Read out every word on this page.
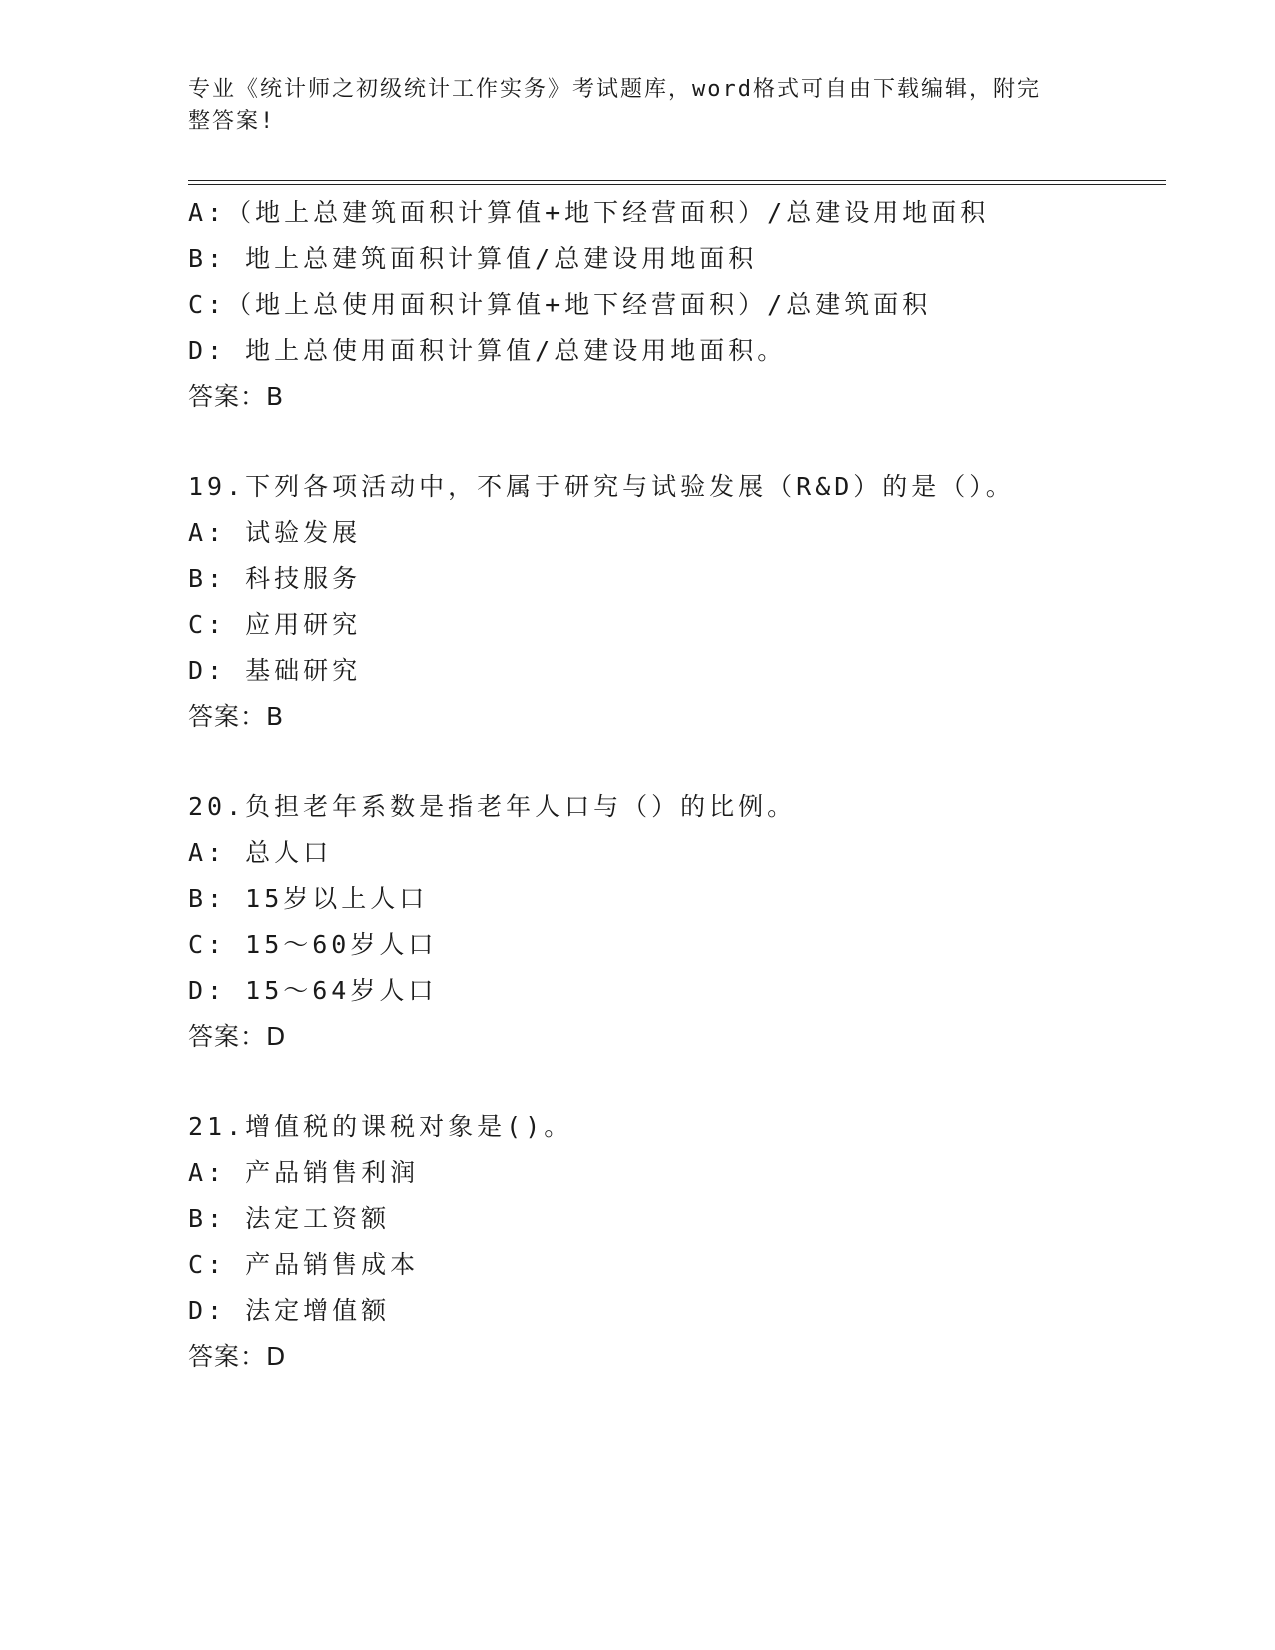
专业《统计师之初级统计工作实务》考试题库，word格式可自由下载编辑，附完
整答案!
A:（地上总建筑面积计算值+地下经营面积）/总建设用地面积
B: 地上总建筑面积计算值/总建设用地面积
C:（地上总使用面积计算值+地下经营面积）/总建筑面积
D: 地上总使用面积计算值/总建设用地面积。
答案：B
19.下列各项活动中，不属于研究与试验发展（R&D）的是（）。
A: 试验发展
B: 科技服务
C: 应用研究
D: 基础研究
答案：B
20.负担老年系数是指老年人口与（）的比例。
A: 总人口
B: 15岁以上人口
C: 15～60岁人口
D: 15～64岁人口
答案：D
21.增值税的课税对象是()。
A: 产品销售利润
B: 法定工资额
C: 产品销售成本
D: 法定增值额
答案：D
